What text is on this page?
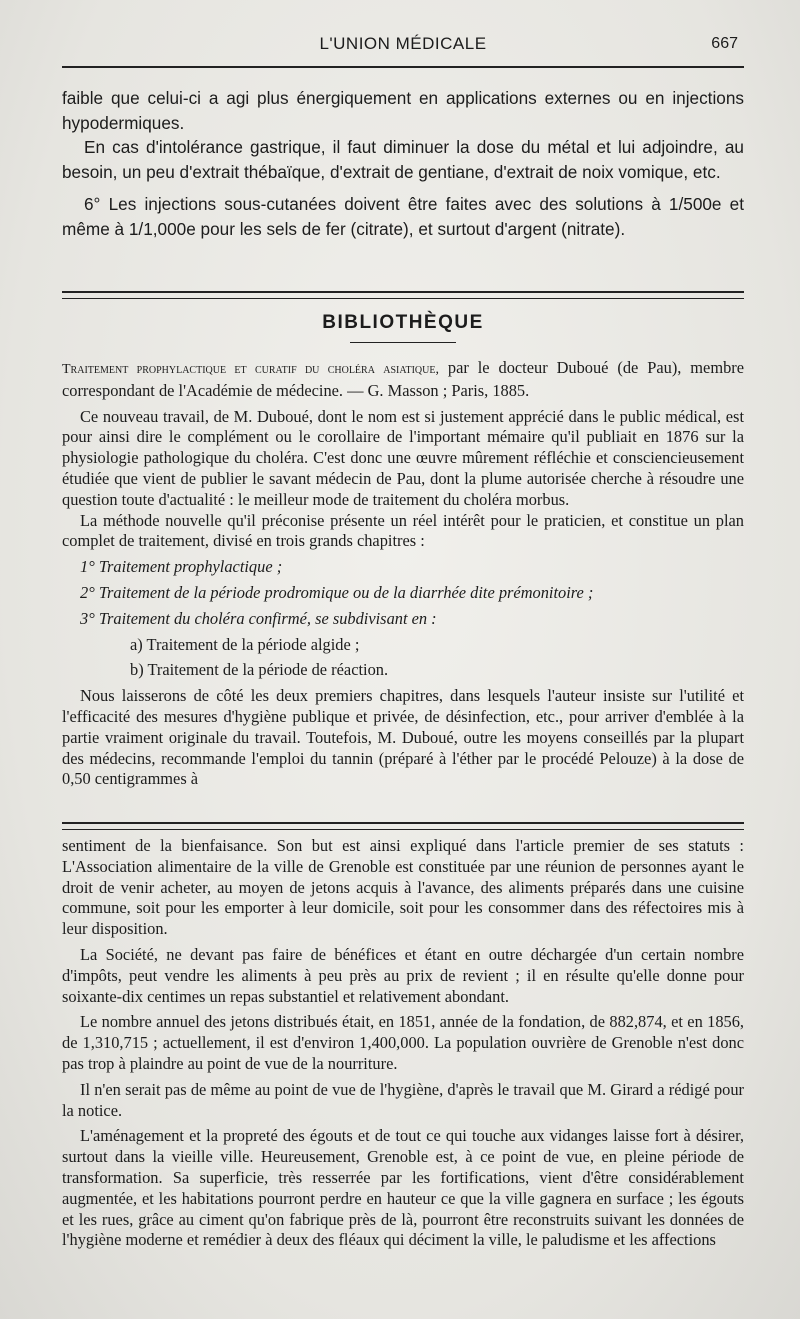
L'UNION MÉDICALE	667

faible que celui-ci a agi plus énergiquement en applications externes ou en injections hypodermiques.

En cas d'intolérance gastrique, il faut diminuer la dose du métal et lui adjoindre, au besoin, un peu d'extrait thébaïque, d'extrait de gentiane, d'extrait de noix vomique, etc.

6° Les injections sous-cutanées doivent être faites avec des solutions à 1/500e et même à 1/1,000e pour les sels de fer (citrate), et surtout d'argent (nitrate).

BIBLIOTHÈQUE

Traitement prophylactique et curatif du choléra asiatique, par le docteur Duboué (de Pau), membre correspondant de l'Académie de médecine. — G. Masson ; Paris, 1885.

Ce nouveau travail, de M. Duboué, dont le nom est si justement apprécié dans le public médical, est pour ainsi dire le complément ou le corollaire de l'important mémaire qu'il publiait en 1876 sur la physiologie pathologique du choléra. C'est donc une œuvre mûrement réfléchie et consciencieusement étudiée que vient de publier le savant médecin de Pau, dont la plume autorisée cherche à résoudre une question toute d'actualité : le meilleur mode de traitement du choléra morbus.

La méthode nouvelle qu'il préconise présente un réel intérêt pour le praticien, et constitue un plan complet de traitement, divisé en trois grands chapitres :

1° Traitement prophylactique ;

2° Traitement de la période prodromique ou de la diarrhée dite prémonitoire ;

3° Traitement du choléra confirmé, se subdivisant en :

a) Traitement de la période algide ;

b) Traitement de la période de réaction.

Nous laisserons de côté les deux premiers chapitres, dans lesquels l'auteur insiste sur l'utilité et l'efficacité des mesures d'hygiène publique et privée, de désinfection, etc., pour arriver d'emblée à la partie vraiment originale du travail. Toutefois, M. Duboué, outre les moyens conseillés par la plupart des médecins, recommande l'emploi du tannin (préparé à l'éther par le procédé Pelouze) à la dose de 0,50 centigrammes à

sentiment de la bienfaisance. Son but est ainsi expliqué dans l'article premier de ses statuts : L'Association alimentaire de la ville de Grenoble est constituée par une réunion de personnes ayant le droit de venir acheter, au moyen de jetons acquis à l'avance, des aliments préparés dans une cuisine commune, soit pour les emporter à leur domicile, soit pour les consommer dans des réfectoires mis à leur disposition.

La Société, ne devant pas faire de bénéfices et étant en outre déchargée d'un certain nombre d'impôts, peut vendre les aliments à peu près au prix de revient ; il en résulte qu'elle donne pour soixante-dix centimes un repas substantiel et relativement abondant.

Le nombre annuel des jetons distribués était, en 1851, année de la fondation, de 882,874, et en 1856, de 1,310,715 ; actuellement, il est d'environ 1,400,000. La population ouvrière de Grenoble n'est donc pas trop à plaindre au point de vue de la nourriture.

Il n'en serait pas de même au point de vue de l'hygiène, d'après le travail que M. Girard a rédigé pour la notice.

L'aménagement et la propreté des égouts et de tout ce qui touche aux vidanges laisse fort à désirer, surtout dans la vieille ville. Heureusement, Grenoble est, à ce point de vue, en pleine période de transformation. Sa superficie, très resserrée par les fortifications, vient d'être considérablement augmentée, et les habitations pourront perdre en hauteur ce que la ville gagnera en surface ; les égouts et les rues, grâce au ciment qu'on fabrique près de là, pourront être reconstruits suivant les données de l'hygiène moderne et remédier à deux des fléaux qui déciment la ville, le paludisme et les affections
